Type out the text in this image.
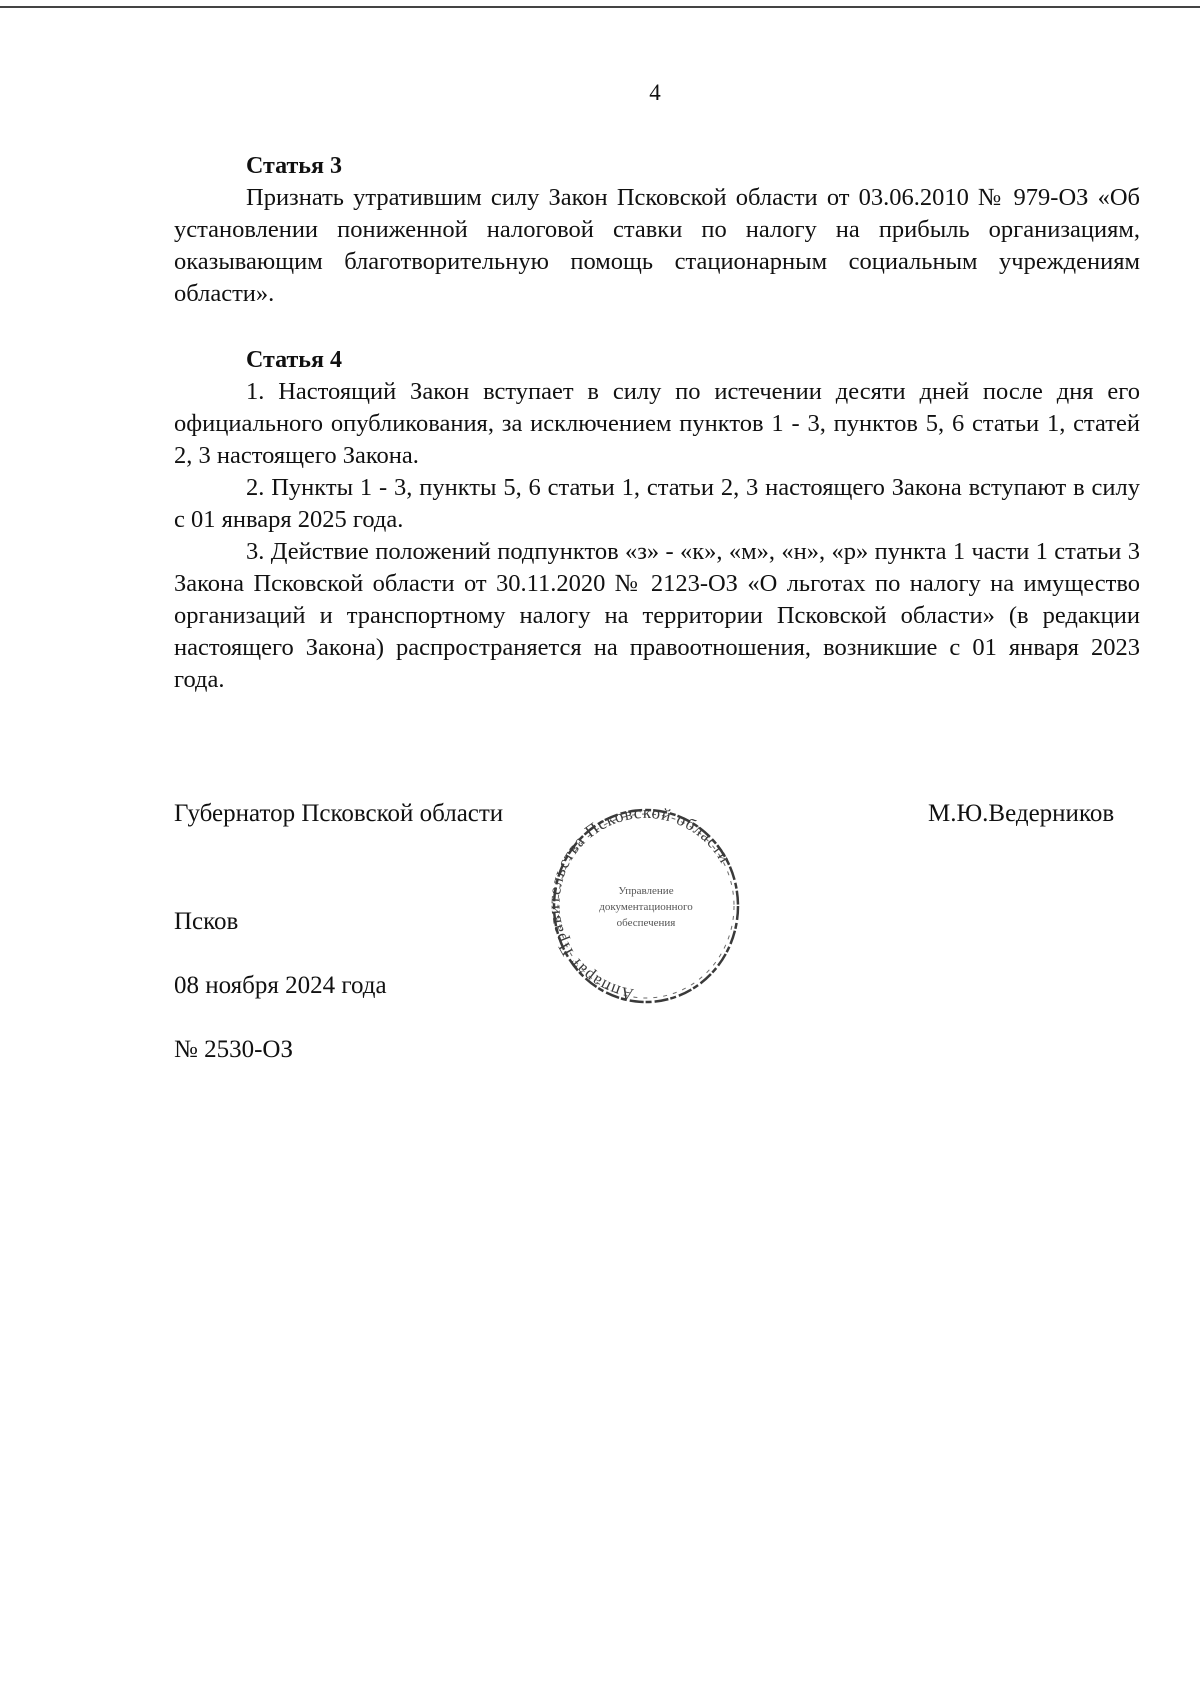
4

Статья 3

Признать утратившим силу Закон Псковской области от 03.06.2010 № 979-ОЗ «Об установлении пониженной налоговой ставки по налогу на прибыль организациям, оказывающим благотворительную помощь стационарным социальным учреждениям области».

Статья 4

1. Настоящий Закон вступает в силу по истечении десяти дней после дня его официального опубликования, за исключением пунктов 1 - 3, пунктов 5, 6 статьи 1, статей 2, 3 настоящего Закона.

2. Пункты 1 - 3, пункты 5, 6 статьи 1, статьи 2, 3 настоящего Закона вступают в силу с 01 января 2025 года.

3. Действие положений подпунктов «з» - «к», «м», «н», «р» пункта 1 части 1 статьи 3 Закона Псковской области от 30.11.2020 № 2123-ОЗ «О льготах по налогу на имущество организаций и транспортному налогу на территории Псковской области» (в редакции настоящего Закона) распространяется на правоотношения, возникшие с 01 января 2023 года.

Губернатор Псковской области	М.Ю.Ведерников
Аппарат Правительства Псковской области
Управление
документационного
обеспечения
Псков
08 ноября 2024 года
№ 2530-ОЗ
